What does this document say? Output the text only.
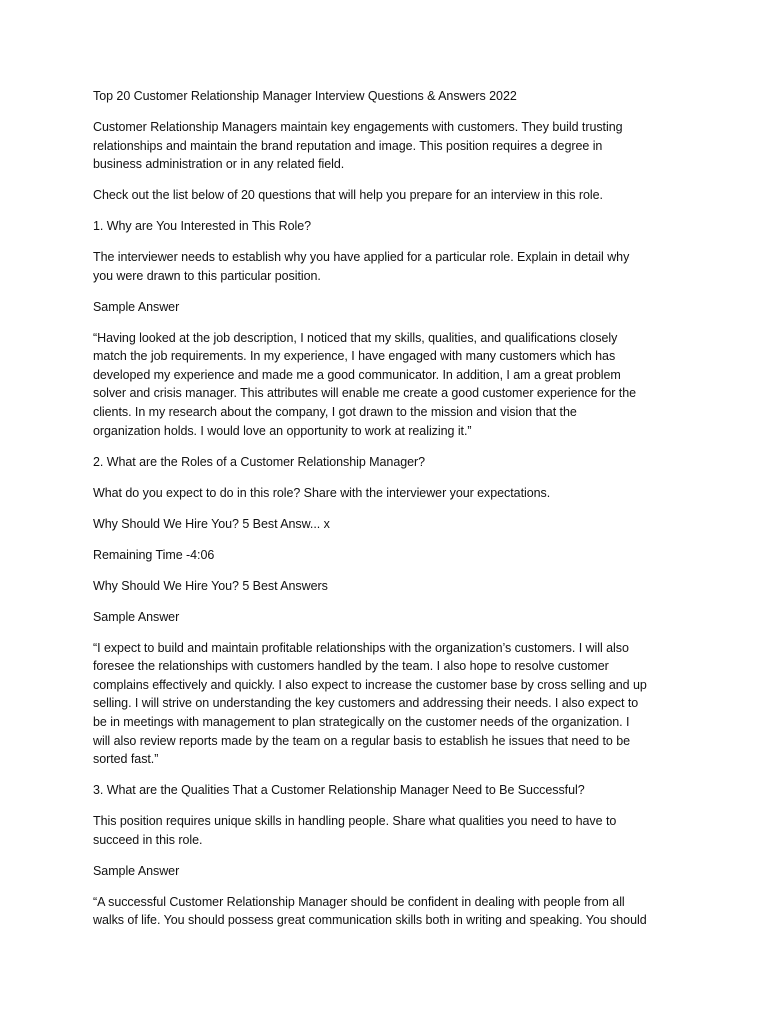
Top 20 Customer Relationship Manager Interview Questions & Answers 2022

Customer Relationship Managers maintain key engagements with customers. They build trusting

relationships and maintain the brand reputation and image. This position requires a degree in

business administration or in any related field.

Check out the list below of 20 questions that will help you prepare for an interview in this role.

1. Why are You Interested in This Role?

The interviewer needs to establish why you have applied for a particular role. Explain in detail why

you were drawn to this particular position.

Sample Answer

“Having looked at the job description, I noticed that my skills, qualities, and qualifications closely

match the job requirements. In my experience, I have engaged with many customers which has

developed my experience and made me a good communicator. In addition, I am a great problem

solver and crisis manager. This attributes will enable me create a good customer experience for the

clients. In my research about the company, I got drawn to the mission and vision that the

organization holds. I would love an opportunity to work at realizing it.”

2. What are the Roles of a Customer Relationship Manager?

What do you expect to do in this role? Share with the interviewer your expectations.

Why Should We Hire You? 5 Best Answ... x

Remaining Time -4:06

Why Should We Hire You? 5 Best Answers

Sample Answer

“I expect to build and maintain profitable relationships with the organization’s customers. I will also

foresee the relationships with customers handled by the team. I also hope to resolve customer

complains effectively and quickly. I also expect to increase the customer base by cross selling and up

selling. I will strive on understanding the key customers and addressing their needs. I also expect to

be in meetings with management to plan strategically on the customer needs of the organization. I

will also review reports made by the team on a regular basis to establish he issues that need to be

sorted fast.”

3. What are the Qualities That a Customer Relationship Manager Need to Be Successful?

This position requires unique skills in handling people. Share what qualities you need to have to

succeed in this role.

Sample Answer

“A successful Customer Relationship Manager should be confident in dealing with people from all

walks of life. You should possess great communication skills both in writing and speaking. You should
